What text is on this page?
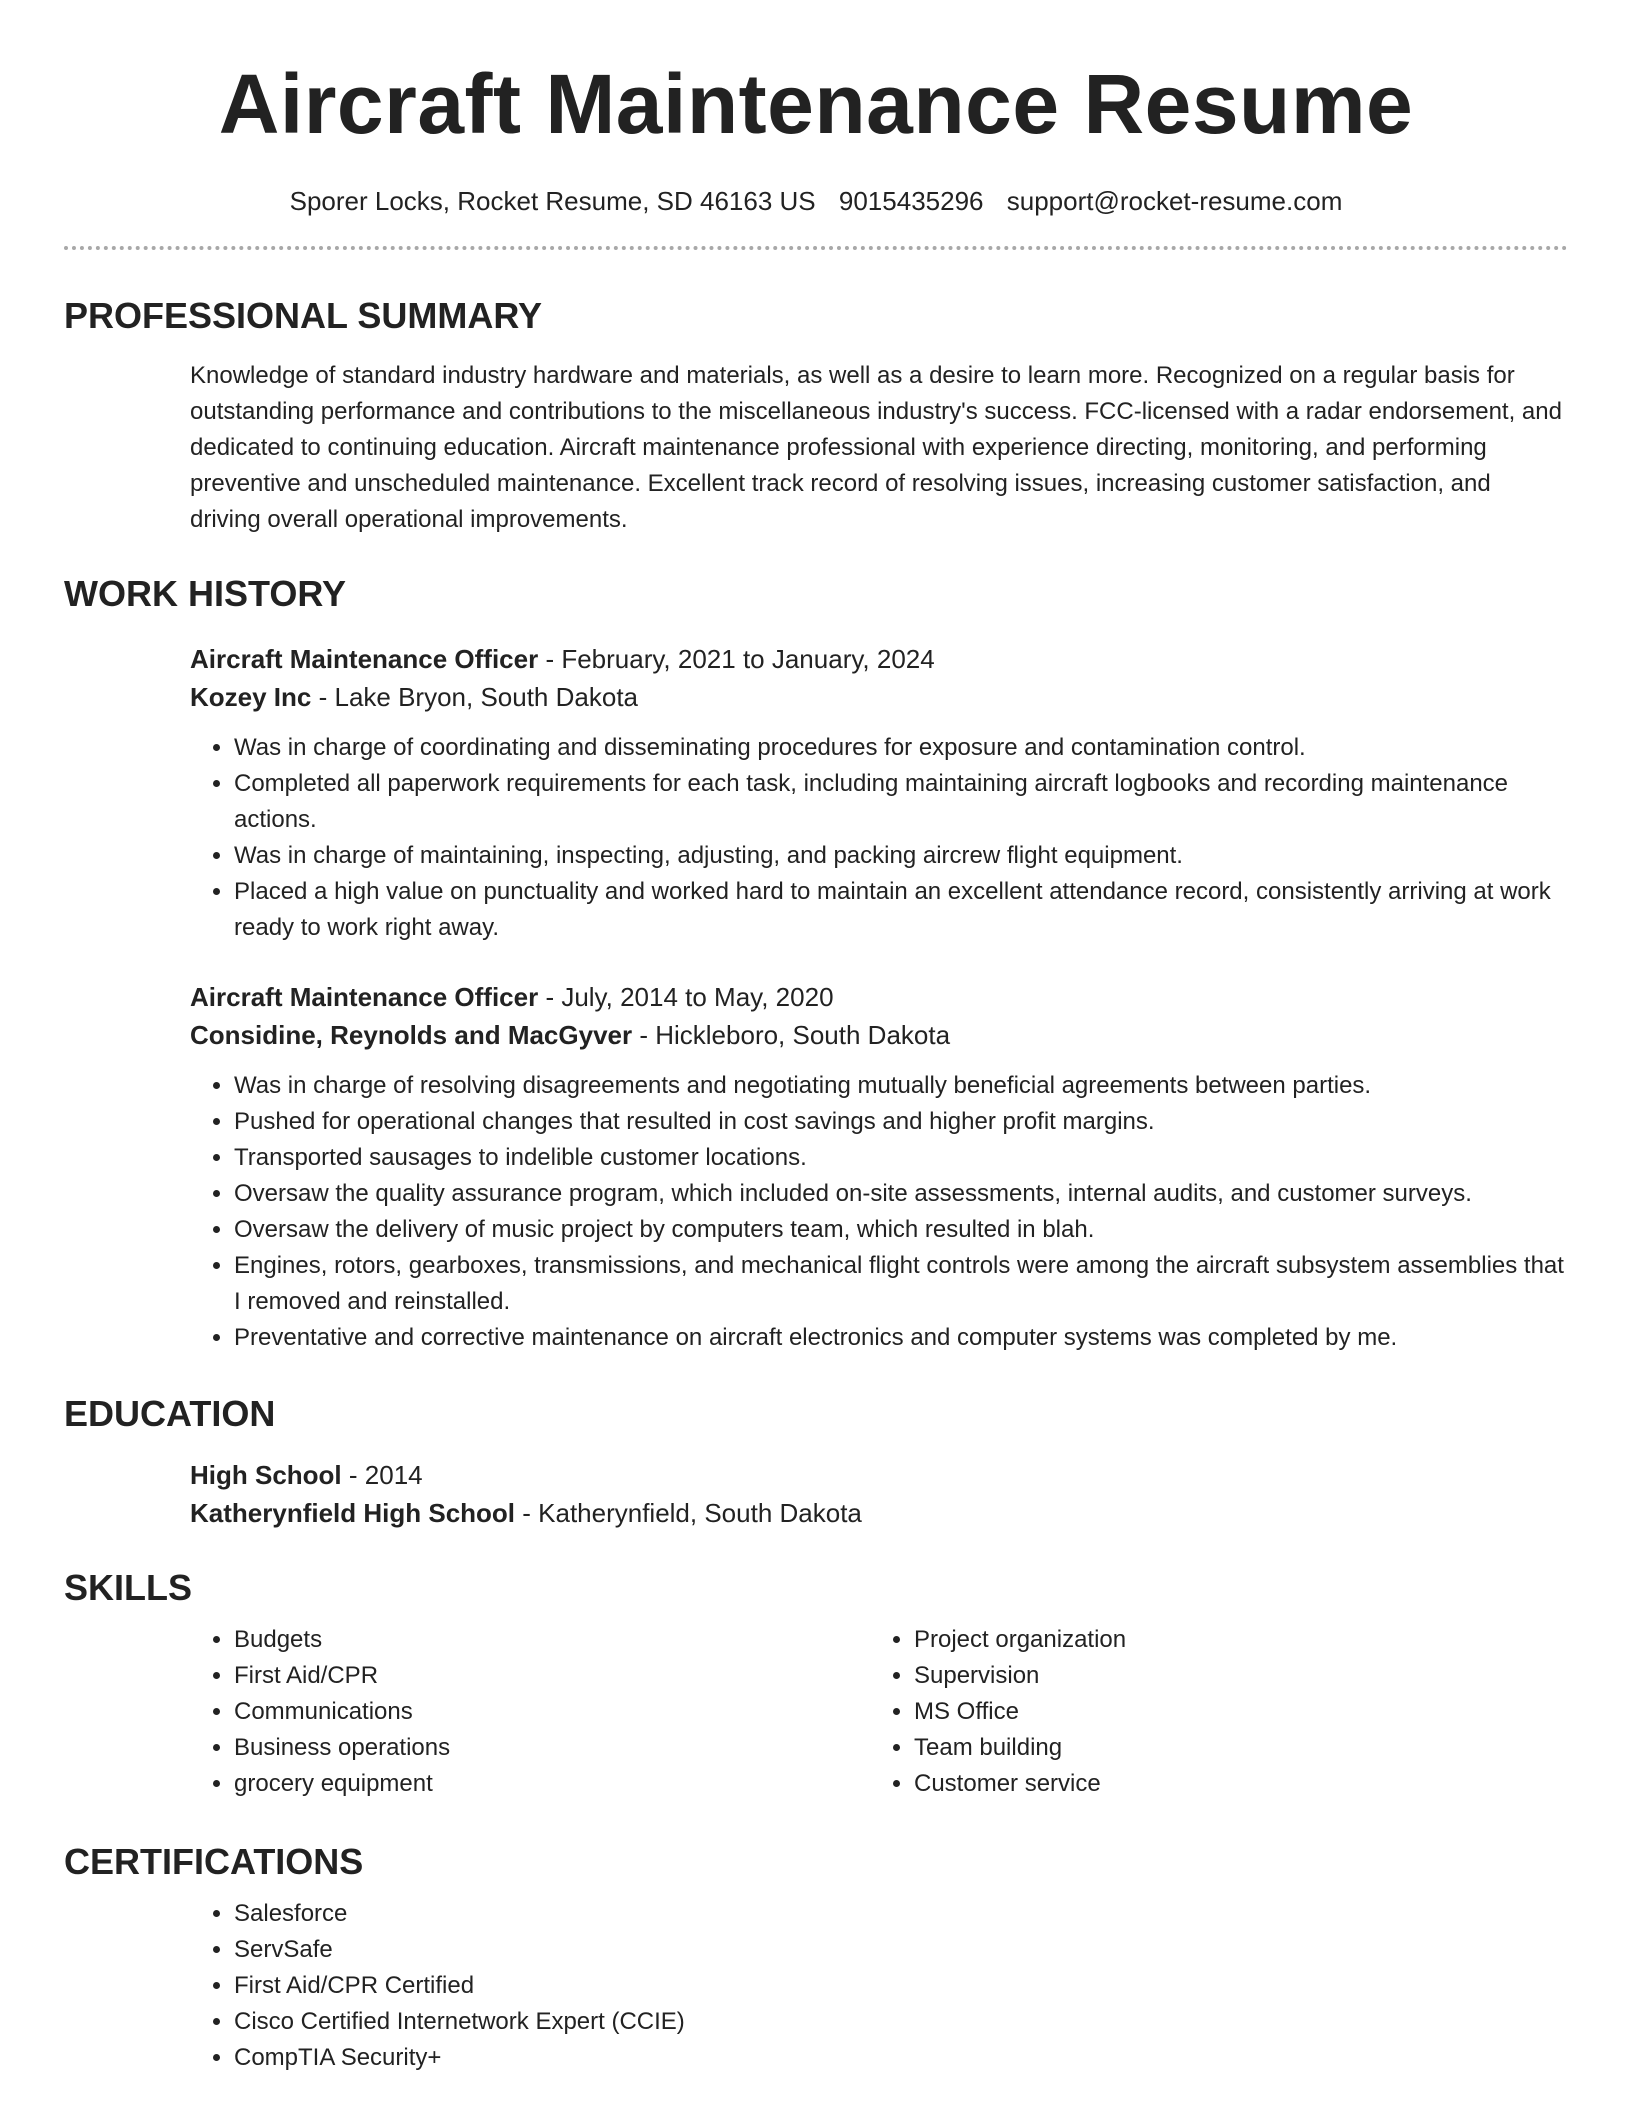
Aircraft Maintenance Resume
Sporer Locks, Rocket Resume, SD 46163 US 9015435296 support@rocket-resume.com
PROFESSIONAL SUMMARY
Knowledge of standard industry hardware and materials, as well as a desire to learn more. Recognized on a regular basis for outstanding performance and contributions to the miscellaneous industry's success. FCC-licensed with a radar endorsement, and dedicated to continuing education. Aircraft maintenance professional with experience directing, monitoring, and performing preventive and unscheduled maintenance. Excellent track record of resolving issues, increasing customer satisfaction, and driving overall operational improvements.
WORK HISTORY
Aircraft Maintenance Officer - February, 2021 to January, 2024
Kozey Inc - Lake Bryon, South Dakota
• Was in charge of coordinating and disseminating procedures for exposure and contamination control.
• Completed all paperwork requirements for each task, including maintaining aircraft logbooks and recording maintenance actions.
• Was in charge of maintaining, inspecting, adjusting, and packing aircrew flight equipment.
• Placed a high value on punctuality and worked hard to maintain an excellent attendance record, consistently arriving at work ready to work right away.
Aircraft Maintenance Officer - July, 2014 to May, 2020
Considine, Reynolds and MacGyver - Hickleboro, South Dakota
• Was in charge of resolving disagreements and negotiating mutually beneficial agreements between parties.
• Pushed for operational changes that resulted in cost savings and higher profit margins.
• Transported sausages to indelible customer locations.
• Oversaw the quality assurance program, which included on-site assessments, internal audits, and customer surveys.
• Oversaw the delivery of music project by computers team, which resulted in blah.
• Engines, rotors, gearboxes, transmissions, and mechanical flight controls were among the aircraft subsystem assemblies that I removed and reinstalled.
• Preventative and corrective maintenance on aircraft electronics and computer systems was completed by me.
EDUCATION
High School - 2014
Katherynfield High School - Katherynfield, South Dakota
SKILLS
• Budgets
• First Aid/CPR
• Communications
• Business operations
• grocery equipment
• Project organization
• Supervision
• MS Office
• Team building
• Customer service
CERTIFICATIONS
• Salesforce
• ServSafe
• First Aid/CPR Certified
• Cisco Certified Internetwork Expert (CCIE)
• CompTIA Security+
